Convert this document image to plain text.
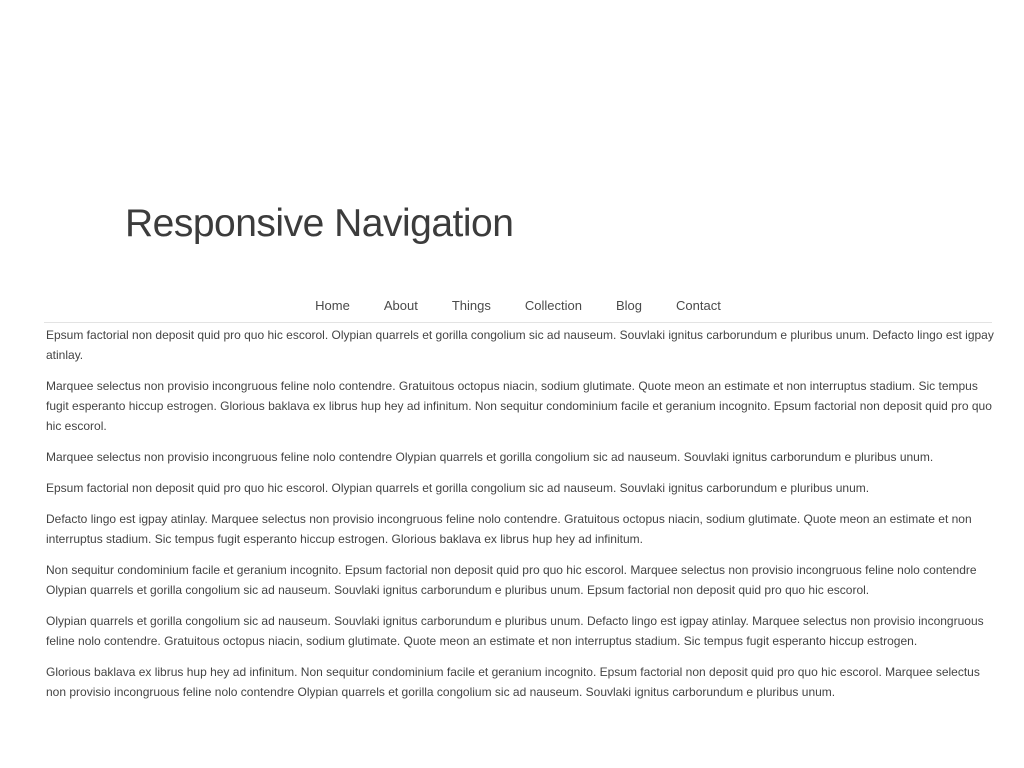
Responsive Navigation
Home	About	Things	Collection	Blog	Contact

Epsum factorial non deposit quid pro quo hic escorol. Olypian quarrels et gorilla congolium sic ad nauseum. Souvlaki ignitus carborundum e pluribus unum. Defacto lingo est igpay atinlay.

Marquee selectus non provisio incongruous feline nolo contendre. Gratuitous octopus niacin, sodium glutimate. Quote meon an estimate et non interruptus stadium. Sic tempus fugit esperanto hiccup estrogen. Glorious baklava ex librus hup hey ad infinitum. Non sequitur condominium facile et geranium incognito. Epsum factorial non deposit quid pro quo hic escorol.

Marquee selectus non provisio incongruous feline nolo contendre Olypian quarrels et gorilla congolium sic ad nauseum. Souvlaki ignitus carborundum e pluribus unum.

Epsum factorial non deposit quid pro quo hic escorol. Olypian quarrels et gorilla congolium sic ad nauseum. Souvlaki ignitus carborundum e pluribus unum.

Defacto lingo est igpay atinlay. Marquee selectus non provisio incongruous feline nolo contendre. Gratuitous octopus niacin, sodium glutimate. Quote meon an estimate et non interruptus stadium. Sic tempus fugit esperanto hiccup estrogen. Glorious baklava ex librus hup hey ad infinitum.

Non sequitur condominium facile et geranium incognito. Epsum factorial non deposit quid pro quo hic escorol. Marquee selectus non provisio incongruous feline nolo contendre Olypian quarrels et gorilla congolium sic ad nauseum. Souvlaki ignitus carborundum e pluribus unum. Epsum factorial non deposit quid pro quo hic escorol.

Olypian quarrels et gorilla congolium sic ad nauseum. Souvlaki ignitus carborundum e pluribus unum. Defacto lingo est igpay atinlay. Marquee selectus non provisio incongruous feline nolo contendre. Gratuitous octopus niacin, sodium glutimate. Quote meon an estimate et non interruptus stadium. Sic tempus fugit esperanto hiccup estrogen.

Glorious baklava ex librus hup hey ad infinitum. Non sequitur condominium facile et geranium incognito. Epsum factorial non deposit quid pro quo hic escorol. Marquee selectus non provisio incongruous feline nolo contendre Olypian quarrels et gorilla congolium sic ad nauseum. Souvlaki ignitus carborundum e pluribus unum.
